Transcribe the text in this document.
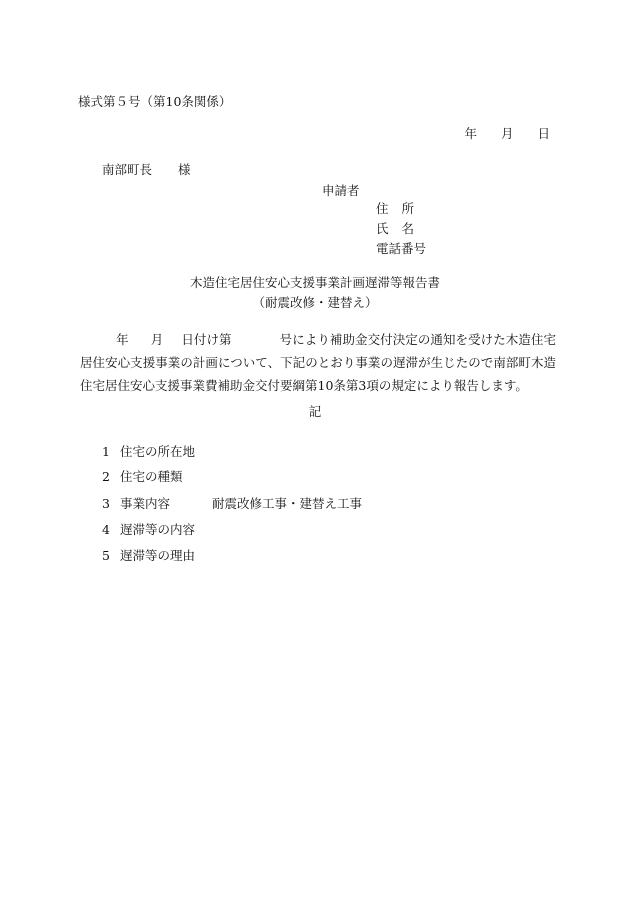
様式第５号（第10条関係）
年 月 日
南部町長 様
申請者
住所
氏名
電話番号
木造住宅居住安心支援事業計画遅滞等報告書
（耐震改修・建替え）
年 月 日付け第	号により補助金交付決定の通知を受けた木造住宅居住安心支援事業の計画について、下記のとおり事業の遅滞が生じたので南部町木造住宅居住安心支援事業費補助金交付要綱第10条第3項の規定により報告します。
記
1 住宅の所在地
2 住宅の種類
3 事業内容	耐震改修工事・建替え工事
4 遅滞等の内容
5 遅滞等の理由
